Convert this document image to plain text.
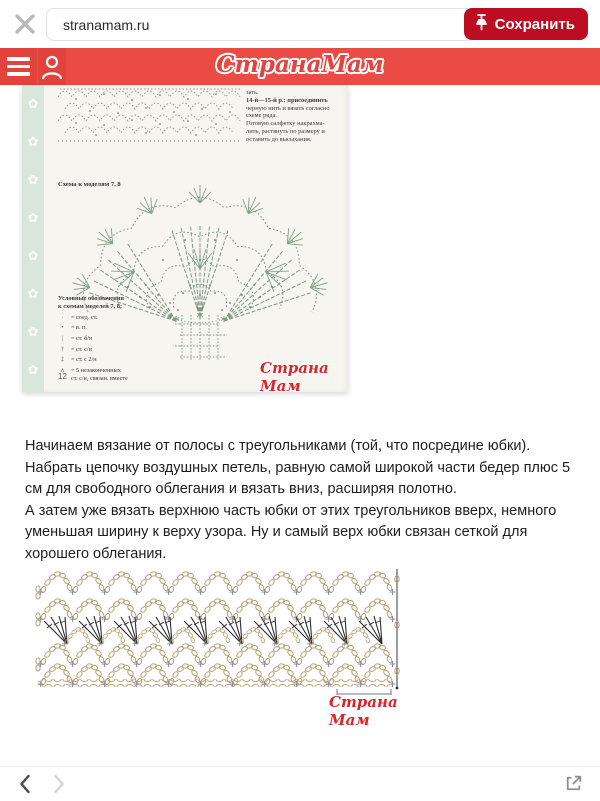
stranamam.ru
Сохранить
СтранаМам
✿
✿
✿
✿
✿
✿
✿
✿
зать.
14-й—15-й р.: присоединить
черную нить и вязать согласно
схеме ряда.
Готовую салфетку накрахма-
лить, растянуть по размеру и
оставить до высыхания.
Схема к моделям 7, 8
Условные обозначения
к схемам моделей 7, 8:
·	= соед. ст.
•	= в. п.
|	= ст. б/н
†	= ст. с/н
‡	= ст. с 2/н
∧	= 5 незаконченных
ст. с/н, связан. вместе
12	Страна Мам

Начинаем вязание от полосы с треугольниками (той, что посредине юбки). Набрать цепочку воздушных петель, равную самой широкой части бедер плюс 5 см для свободного облегания и вязать вниз, расширяя полотно.

А затем уже вязать верхнюю часть юбки от этих треугольников вверх, немного уменьшая ширину к верху узора. Ну и самый верх юбки связан сеткой для хорошего облегания.

Страна Мам
